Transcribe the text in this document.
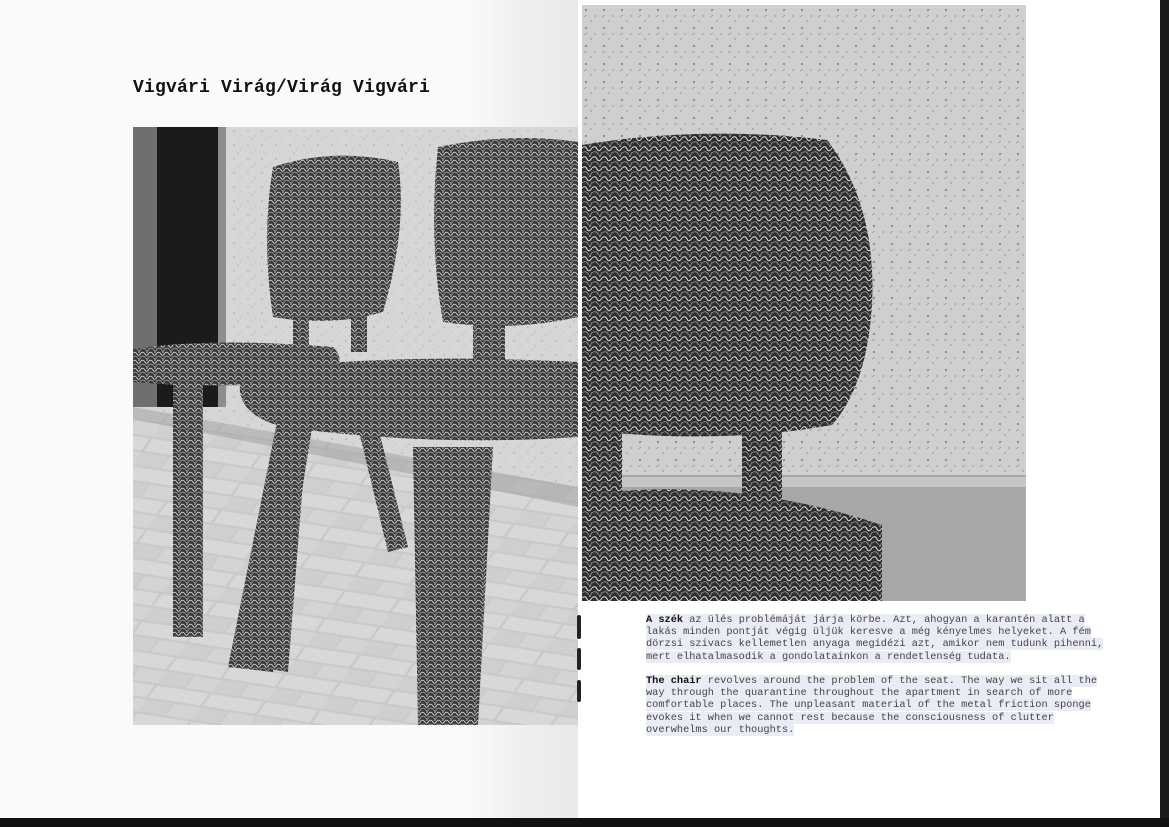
Vigvári Virág/Virág Vigvári

A szék az ülés problémáját járja körbe. Azt, ahogyan a karantén alatt a lakás minden pontját végig üljük keresve a még kényelmes helyeket. A fém dörzsi szivacs kellemetlen anyaga megidézi azt, amikor nem tudunk pihenni, mert elhatalmasodik a gondolatainkon a rendetlenség tudata.

The chair revolves around the problem of the seat. The way we sit all the way through the quarantine throughout the apartment in search of more comfortable places. The unpleasant material of the metal friction sponge evokes it when we cannot rest because the consciousness of clutter overwhelms our thoughts.
